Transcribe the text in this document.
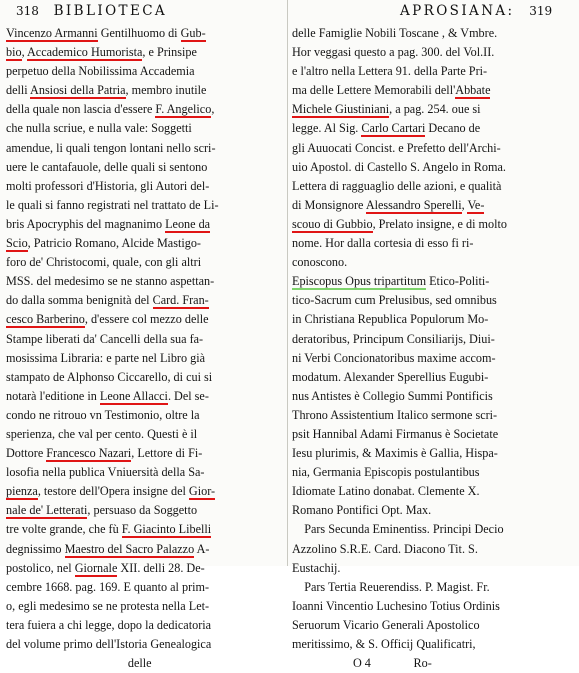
318 BIBLIOTECA	APROSIANA: 319
Vincenzo Armanni Gentilhuomo di Gub-
bio, Accademico Humorista, e Prinsipe
perpetuo della Nobilissima Accademia
delli Ansiosi della Patria, membro inutile
della quale non lascia d'essere F. Angelico,
che nulla scriue, e nulla vale: Soggetti
amendue, li quali tengon lontani nello scri-
uere le cantafauole, delle quali si sentono
molti professori d'Historia, gli Autori del-
le quali si fanno registrati nel trattato de Li-
bris Apocryphis del magnanimo Leone da
Scio, Patricio Romano, Alcide Mastigo-
foro de' Christocomi, quale, con gli altri
MSS. del medesimo se ne stanno aspettan-
do dalla somma benignità del Card. Fran-
cesco Barberino, d'essere col mezzo delle
Stampe liberati da' Cancelli della sua fa-
mosissima Libraria: e parte nel Libro già
stampato de Alphonso Ciccarello, di cui si
notarà l'editione in Leone Allacci. Del se-
condo ne ritrouo vn Testimonio, oltre la
sperienza, che val per cento. Questi è il
Dottore Francesco Nazari, Lettore di Fi-
losofia nella publica Vniuersità della Sa-
pienza, testore dell'Opera insigne del Gior-
nale de' Letterati, persuaso da Soggetto
tre volte grande, che fù F. Giacinto Libelli
degnissimo Maestro del Sacro Palazzo A-
postolico, nel Giornale XII. delli 28. De-
cembre 1668. pag. 169. E quanto al prim-
o, egli medesimo se ne protesta nella Let-
tera fuiera a chi legge, dopo la dedicatoria
del volume primo dell'Istoria Genealogica
delle
delle Famiglie Nobili Toscane , & Vmbre.
Hor veggasi questo a pag. 300. del Vol.II.
e l'altro nella Lettera 91. della Parte Pri-
ma delle Lettere Memorabili dell'Abbate
Michele Giustiniani, a pag. 254. oue si
legge. Al Sig. Carlo Cartari Decano de
gli Auuocati Concist. e Prefetto dell'Archi-
uio Apostol. di Castello S. Angelo in Roma.
Lettera di ragguaglio delle azioni, e qualità
di Monsignore Alessandro Sperelli, Ve-
scouo di Gubbio, Prelato insigne, e di molto
nome. Hor dalla cortesia di esso fi ri-
conoscono.
Episcopus Opus tripartitum Etico-Politi-
tico-Sacrum cum Prelusibus, sed omnibus
in Christiana Republica Populorum Mo-
deratoribus, Principum Consiliarijs, Diui-
ni Verbi Concionatoribus maxime accom-
modatum. Alexander Sperellius Eugubi-
nus Antistes è Collegio Summi Pontificis
Throno Assistentium Italico sermone scri-
psit Hannibal Adami Firmanus è Societate
Iesu plurimis, & Maximis è Gallia, Hispa-
nia, Germania Episcopis postulantibus
Idiomate Latino donabat. Clemente X.
Romano Pontifici Opt. Max.
Pars Secunda Eminentiss. Principi Decio
Azzolino S.R.E. Card. Diacono Tit. S.
Eustachij.
Pars Tertia Reuerendiss. P. Magist. Fr.
Ioanni Vincentio Luchesino Totius Ordinis
Seruorum Vicario Generali Apostolico
meritissimo, & S. Officij Qualificatri,
O 4              Ro-
